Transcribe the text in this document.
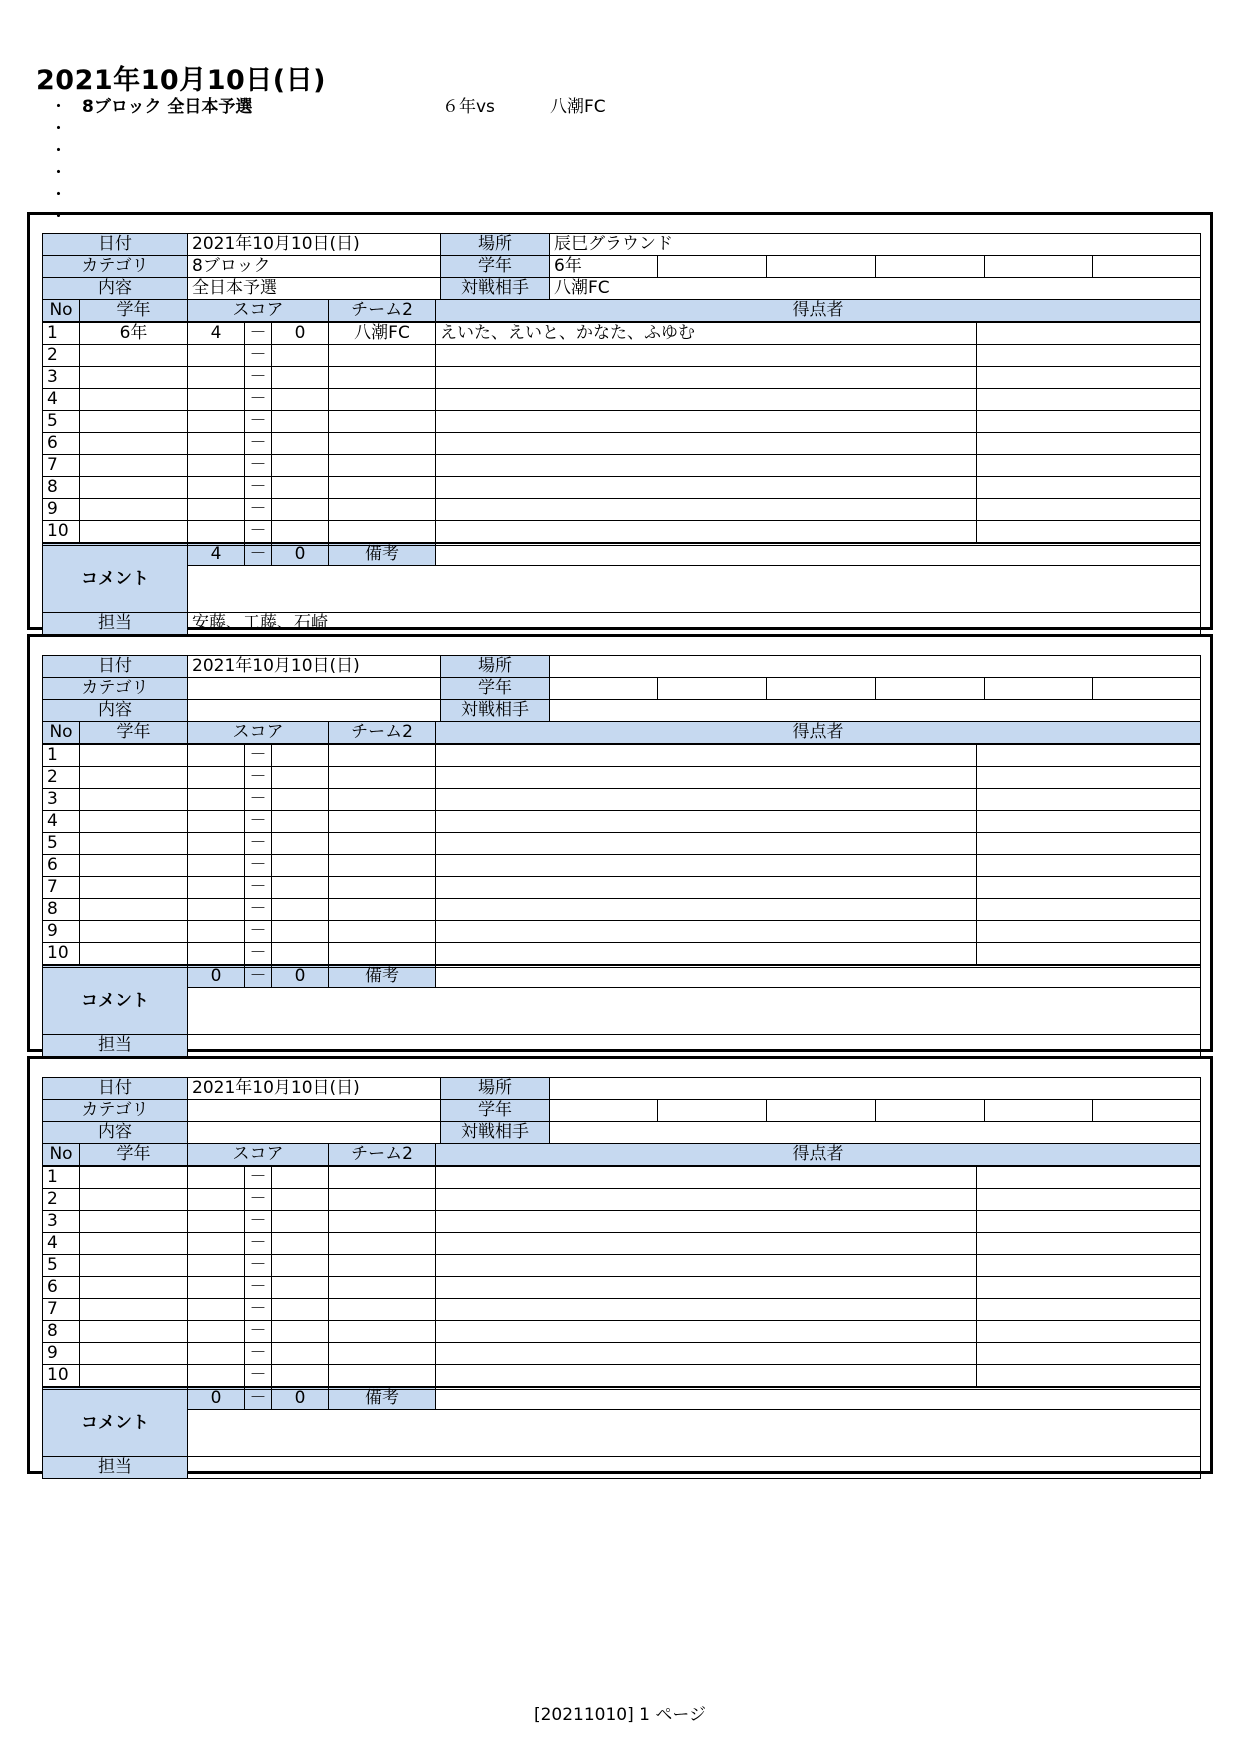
2021年10月10日(日)
・ 8ブロック 全日本予選	６年vs	八潮FC
・
・
・
・
・
日付	2021年10月10日(日)	場所	辰巳グラウンド					
カテゴリ	8ブロック	学年	6年					
内容	全日本予選	対戦相手	八潮FC					
No	学年	スコア			チーム2	得点者	
1	6年	4	－	0	八潮FC	えいた、えいと、かなた、ふゆむ	
2			－				
3			－				
4			－				
5			－				
6			－				
7			－				
8			－				
9			－				
10			－				
	4	－	0	備考		
コメント	
担当	安藤、工藤、石崎
日付	2021年10月10日(日)	場所						
カテゴリ		学年						
内容		対戦相手						
No	学年	スコア			チーム2	得点者	
1			－				
2			－				
3			－				
4			－				
5			－				
6			－				
7			－				
8			－				
9			－				
10			－				
	0	－	0	備考		
コメント	
担当	
日付	2021年10月10日(日)	場所						
カテゴリ		学年						
内容		対戦相手						
No	学年	スコア			チーム2	得点者	
1			－				
2			－				
3			－				
4			－				
5			－				
6			－				
7			－				
8			－				
9			－				
10			－				
	0	－	0	備考		
コメント	
担当	
[20211010] 1 ページ
